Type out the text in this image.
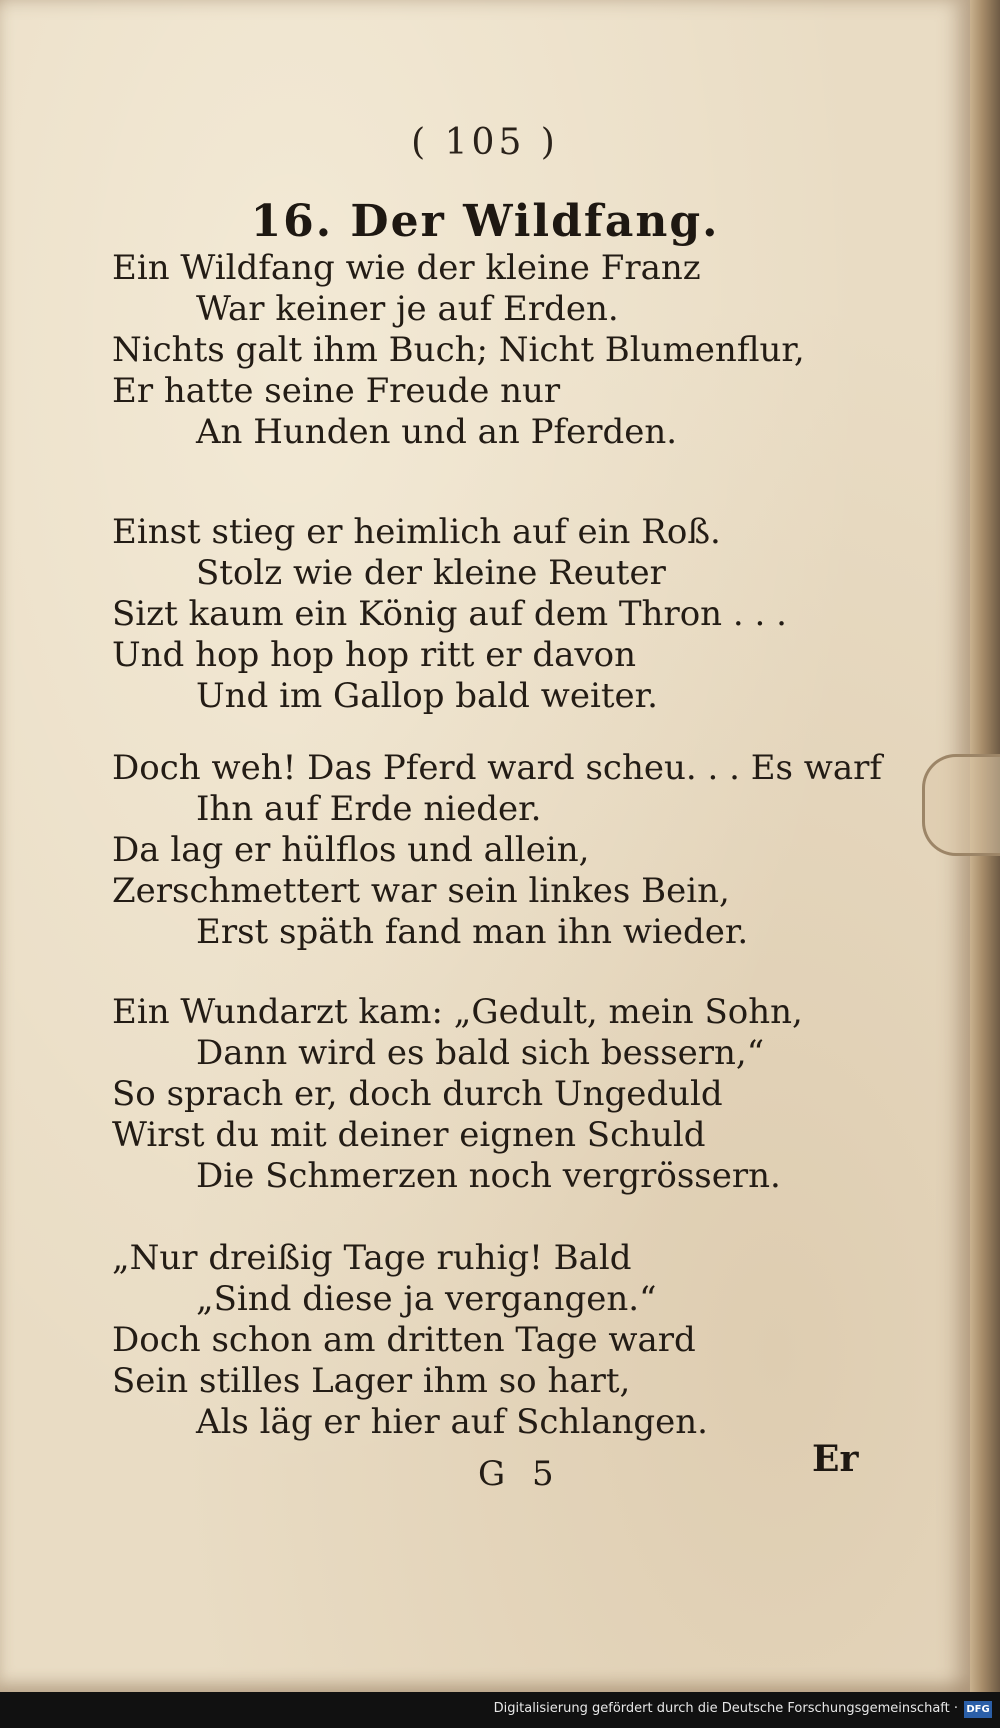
( 105 )
16. Der Wildfang.
Ein Wildfang wie der kleine Franz
War keiner je auf Erden.
Nichts galt ihm Buch; Nicht Blumenflur,
Er hatte seine Freude nur
An Hunden und an Pferden.
Einst stieg er heimlich auf ein Roß.
Stolz wie der kleine Reuter
Sizt kaum ein König auf dem Thron . . .
Und hop hop hop ritt er davon
Und im Gallop bald weiter.
Doch weh! Das Pferd ward scheu. . . Es warf
Ihn auf Erde nieder.
Da lag er hülflos und allein,
Zerschmettert war sein linkes Bein,
Erst späth fand man ihn wieder.
Ein Wundarzt kam: „Gedult, mein Sohn,
Dann wird es bald sich bessern,“
So sprach er, doch durch Ungeduld
Wirst du mit deiner eignen Schuld
Die Schmerzen noch vergrössern.
„Nur dreißig Tage ruhig! Bald
„Sind diese ja vergangen.“
Doch schon am dritten Tage ward
Sein stilles Lager ihm so hart,
Als läg er hier auf Schlangen.
G 5	Er
Digitalisierung gefördert durch die Deutsche Forschungsgemeinschaft · DFG
